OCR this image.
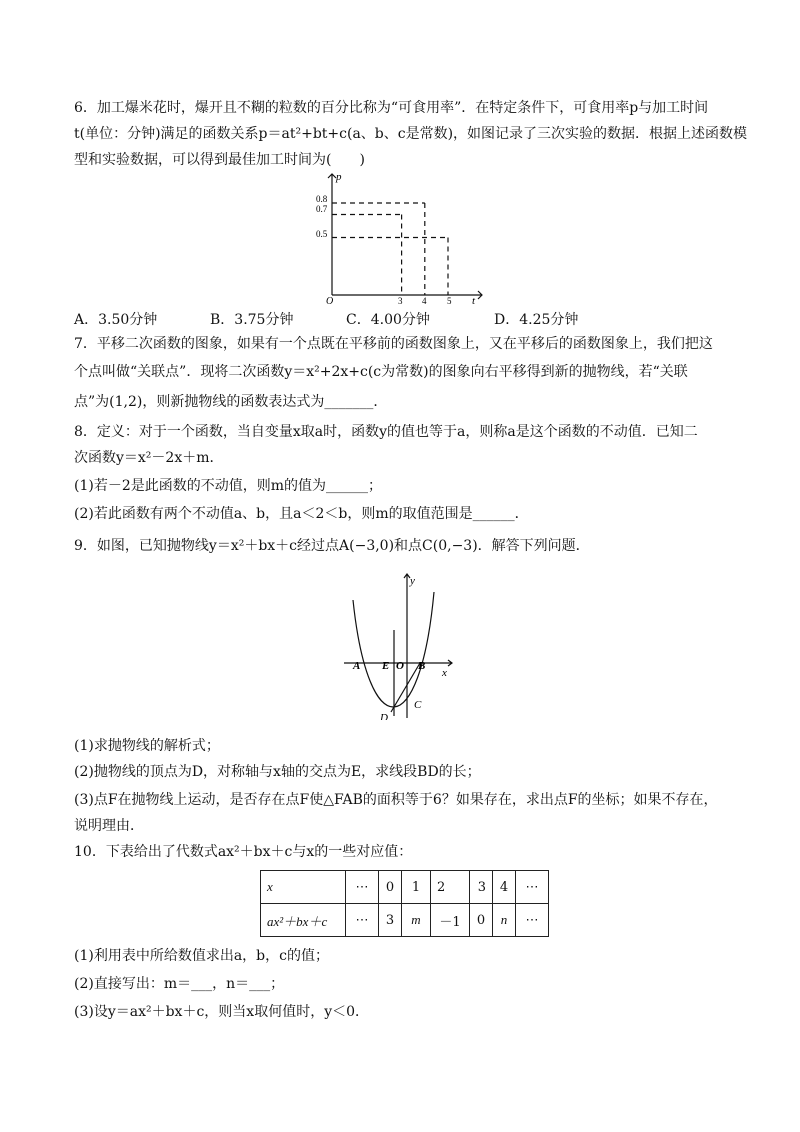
6．加工爆米花时，爆开且不糊的粒数的百分比称为“可食用率”．在特定条件下，可食用率p与加工时间
t(单位：分钟)满足的函数关系p＝at²+bt+c(a、b、c是常数)，如图记录了三次实验的数据．根据上述函数模
型和实验数据，可以得到最佳加工时间为(　　)
p
t
O
0.8
0.7
0.5
3 4 5
A．3.50分钟	B．3.75分钟	C．4.00分钟	D．4.25分钟
7．平移二次函数的图象，如果有一个点既在平移前的函数图象上，又在平移后的函数图象上，我们把这
个点叫做“关联点”．现将二次函数y＝x²+2x+c(c为常数)的图象向右平移得到新的抛物线，若“关联
点”为(1,2)，则新抛物线的函数表达式为_______．
8．定义：对于一个函数，当自变量x取a时，函数y的值也等于a，则称a是这个函数的不动值．已知二
次函数y＝x²－2x＋m．
(1)若－2是此函数的不动值，则m的值为______；
(2)若此函数有两个不动值a、b，且a＜2＜b，则m的取值范围是______．
9．如图，已知抛物线y＝x²＋bx＋c经过点A(−3,0)和点C(0,−3)．解答下列问题．
y
x
A E O B
C
D
(1)求抛物线的解析式；
(2)抛物线的顶点为D，对称轴与x轴的交点为E，求线段BD的长；
(3)点F在抛物线上运动，是否存在点F使△FAB的面积等于6？如果存在，求出点F的坐标；如果不存在，
说明理由．
10．下表给出了代数式ax²＋bx＋c与x的一些对应值：
x	⋯	0	1	2	3	4	⋯
ax²＋bx＋c	⋯	3	m	－1	0	n	⋯
(1)利用表中所给数值求出a，b，c的值；
(2)直接写出：m＝___，n＝___；
(3)设y＝ax²＋bx＋c，则当x取何值时，y＜0．
